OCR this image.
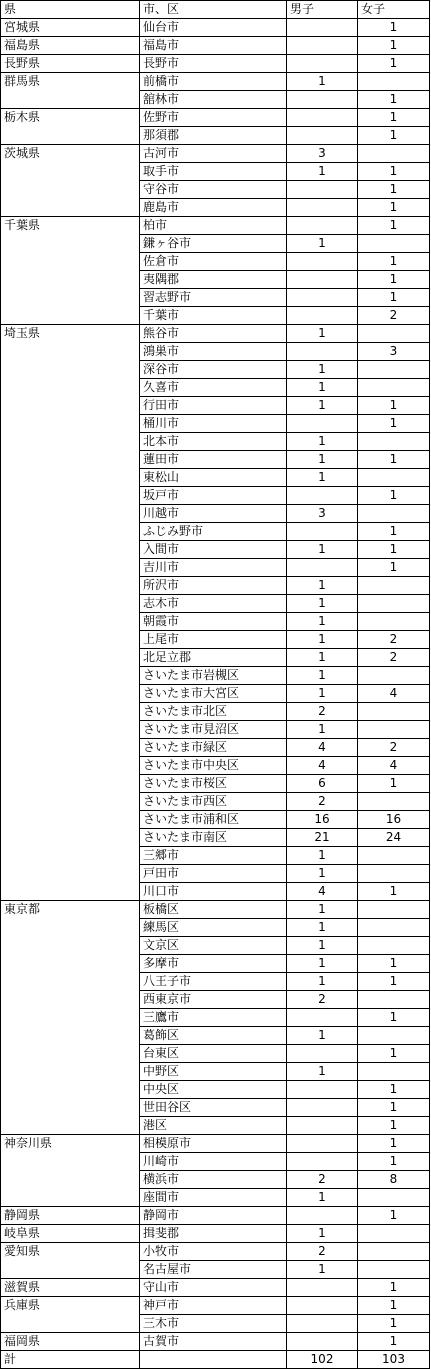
県	市、区	男子	女子
宮城県	仙台市		1
福島県	福島市		1
長野県	長野市		1
群馬県	前橋市	1	
	舘林市		1
栃木県	佐野市		1
	那須郡		1
茨城県	古河市	3	
	取手市	1	1
	守谷市		1
	鹿島市		1
千葉県	柏市		1
	鎌ヶ谷市	1	
	佐倉市		1
	夷隅郡		1
	習志野市		1
	千葉市		2
埼玉県	熊谷市	1	
	鴻巣市		3
	深谷市	1	
	久喜市	1	
	行田市	1	1
	桶川市		1
	北本市	1	
	蓮田市	1	1
	東松山	1	
	坂戸市		1
	川越市	3	
	ふじみ野市		1
	入間市	1	1
	吉川市		1
	所沢市	1	
	志木市	1	
	朝霞市	1	
	上尾市	1	2
	北足立郡	1	2
	さいたま市岩槻区	1	
	さいたま市大宮区	1	4
	さいたま市北区	2	
	さいたま市見沼区	1	
	さいたま市緑区	4	2
	さいたま市中央区	4	4
	さいたま市桜区	6	1
	さいたま市西区	2	
	さいたま市浦和区	16	16
	さいたま市南区	21	24
	三郷市	1	
	戸田市	1	
	川口市	4	1
東京都	板橋区	1	
	練馬区	1	
	文京区	1	
	多摩市	1	1
	八王子市	1	1
	西東京市	2	
	三鷹市		1
	葛飾区	1	
	台東区		1
	中野区	1	
	中央区		1
	世田谷区		1
	港区		1
神奈川県	相模原市		1
	川崎市		1
	横浜市	2	8
	座間市	1	
静岡県	静岡市		1
岐阜県	揖斐郡	1	
愛知県	小牧市	2	
	名古屋市	1	
滋賀県	守山市		1
兵庫県	神戸市		1
	三木市		1
福岡県	古賀市		1
計		102	103
